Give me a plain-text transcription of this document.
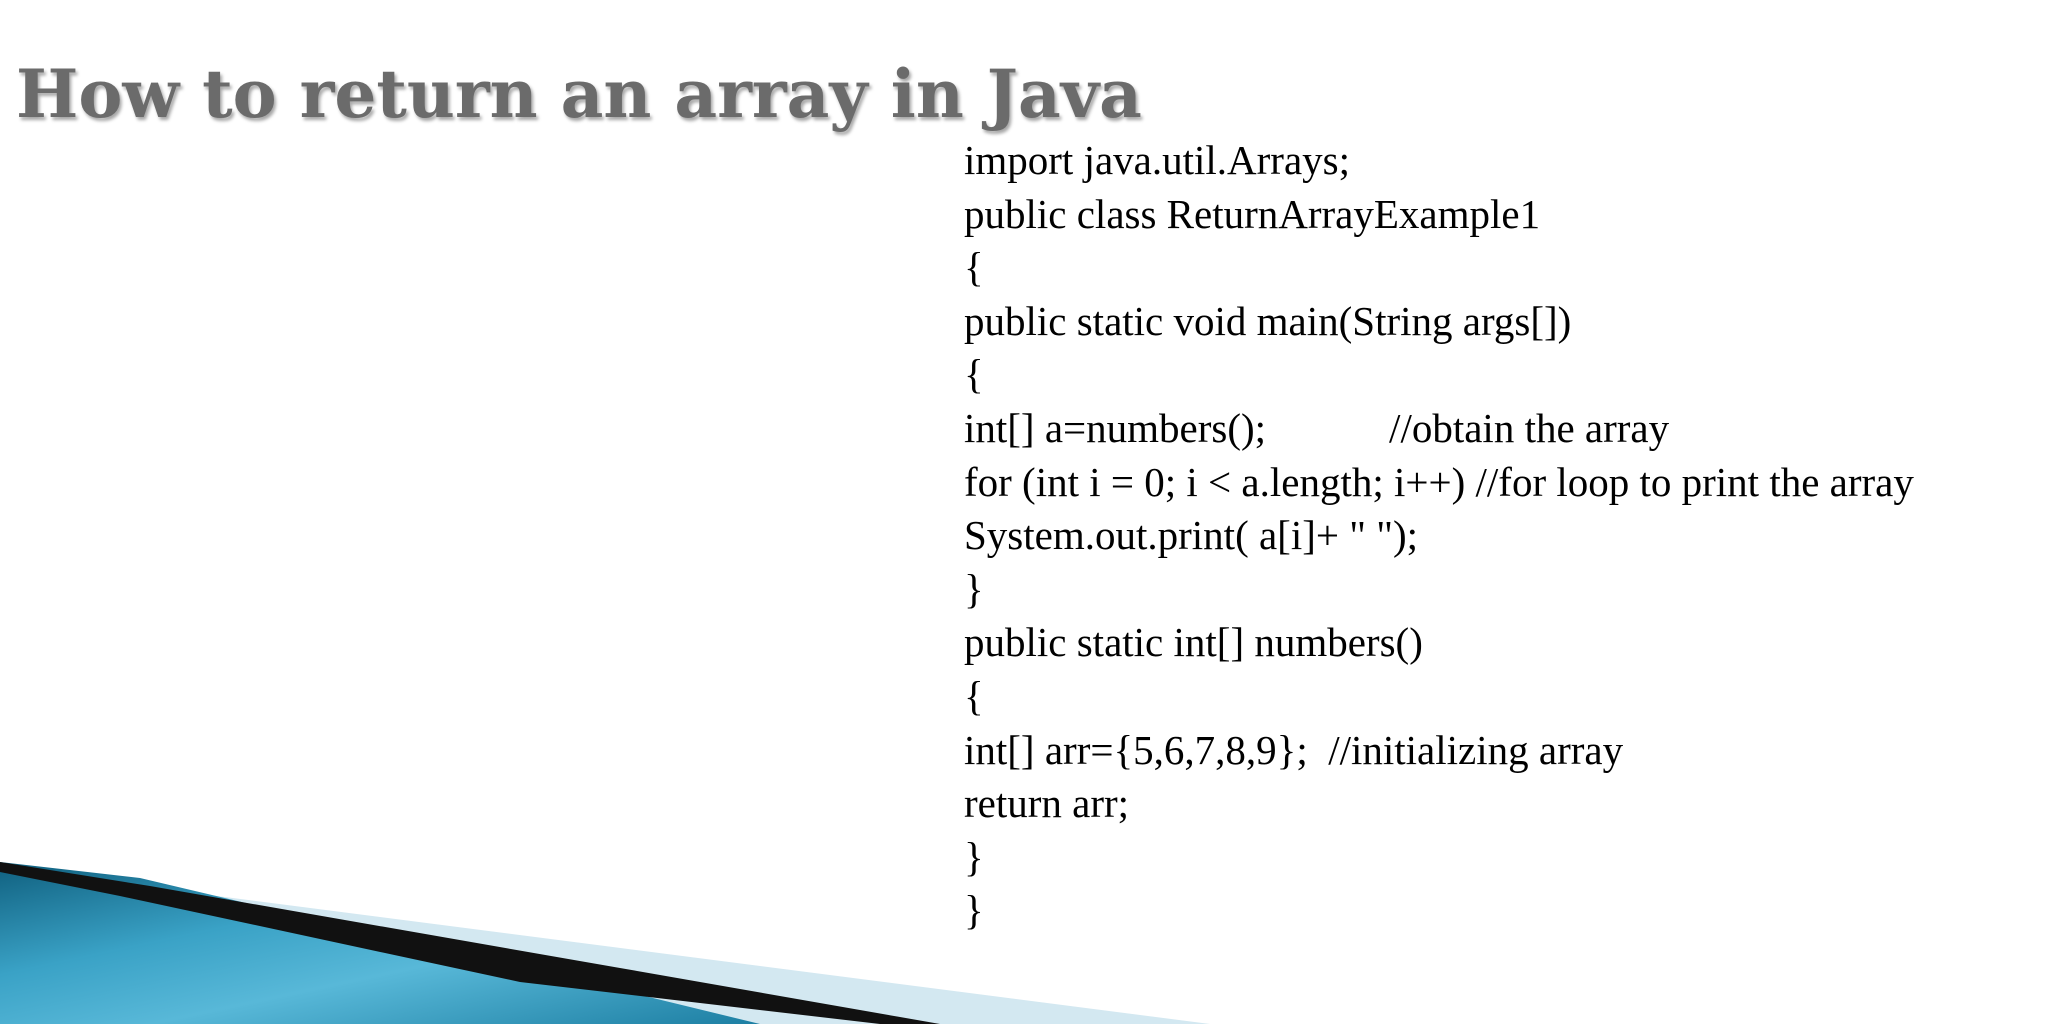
How to return an array in Java
import java.util.Arrays;
public class ReturnArrayExample1
{
public static void main(String args[])
{
int[] a=numbers();            //obtain the array
for (int i = 0; i < a.length; i++) //for loop to print the array
System.out.print( a[i]+ " ");
}
public static int[] numbers()
{
int[] arr={5,6,7,8,9};  //initializing array
return arr;
}
}
